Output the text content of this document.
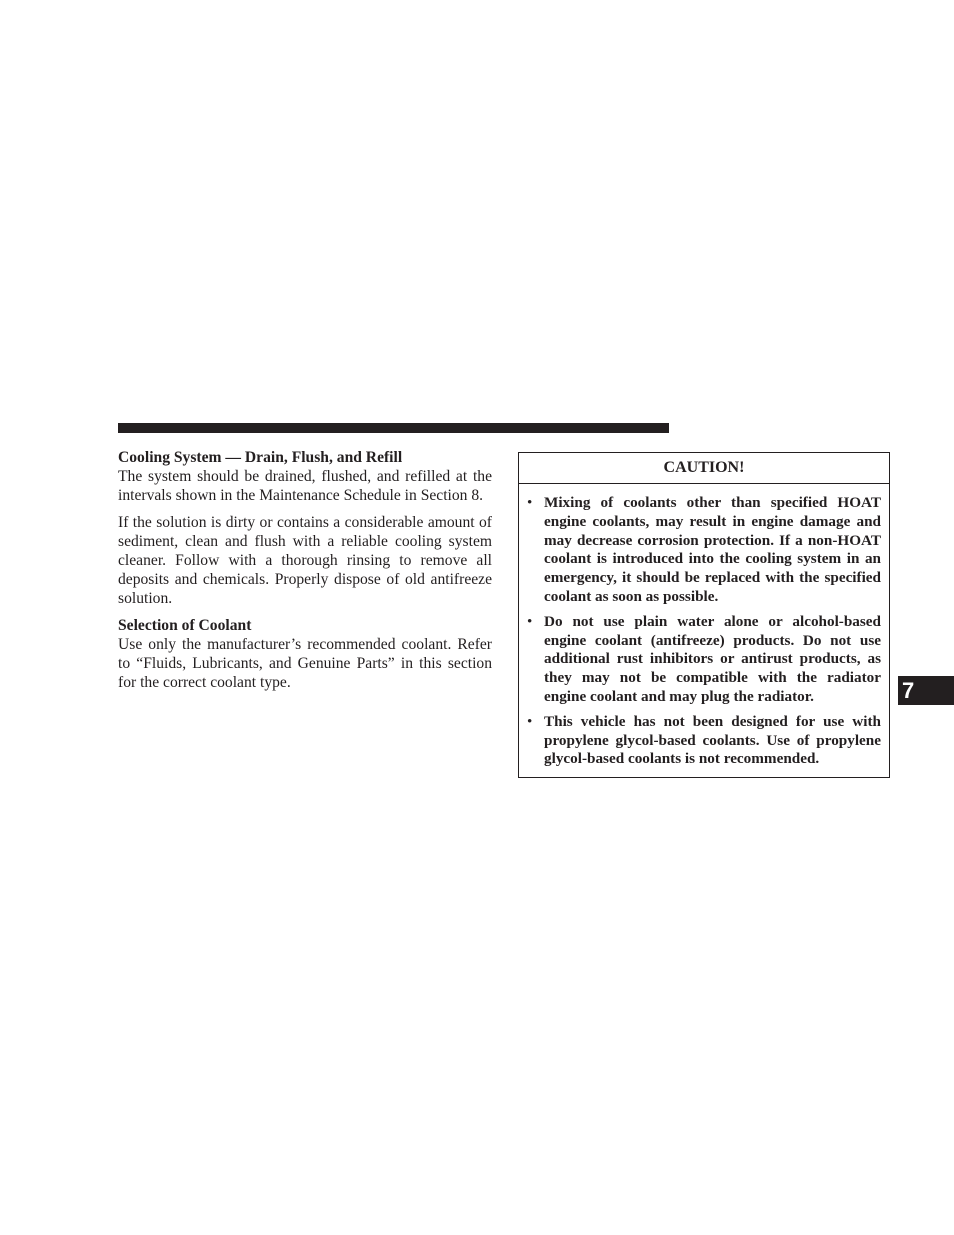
Cooling System — Drain, Flush, and Refill

The system should be drained, flushed, and refilled at the intervals shown in the Maintenance Schedule in Section 8.

If the solution is dirty or contains a considerable amount of sediment, clean and flush with a reliable cooling system cleaner. Follow with a thorough rinsing to remove all deposits and chemicals. Properly dispose of old antifreeze solution.

Selection of Coolant

Use only the manufacturer’s recommended coolant. Refer to “Fluids, Lubricants, and Genuine Parts” in this section for the correct coolant type.

CAUTION!
• Mixing of coolants other than specified HOAT engine coolants, may result in engine damage and may decrease corrosion protection. If a non-HOAT coolant is introduced into the cooling system in an emergency, it should be replaced with the specified coolant as soon as possible.
• Do not use plain water alone or alcohol-based engine coolant (antifreeze) products. Do not use additional rust inhibitors or antirust products, as they may not be compatible with the radiator engine coolant and may plug the radiator.
• This vehicle has not been designed for use with propylene glycol-based coolants. Use of propylene glycol-based coolants is not recommended.
7
